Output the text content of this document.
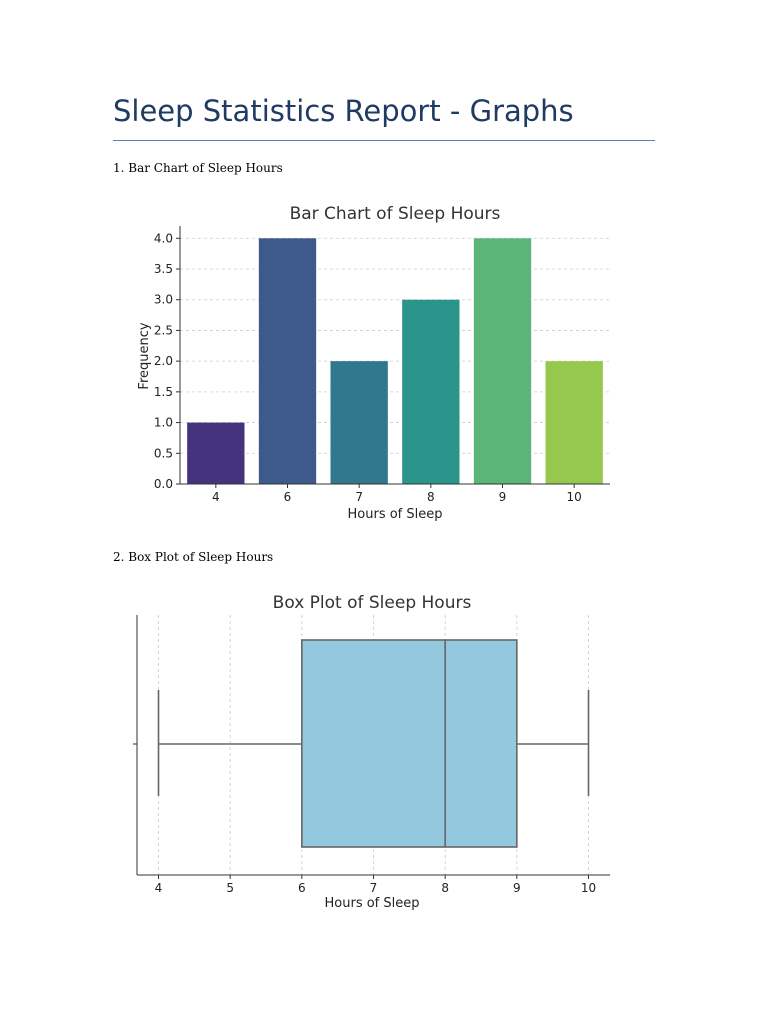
Sleep Statistics Report - Graphs
1. Bar Chart of Sleep Hours
Bar Chart of Sleep Hours
0.0
0.5
1.0
1.5
2.0
2.5
3.0
3.5
4.0
4	6	7	8	9	10
Hours of Sleep
Frequency
2. Box Plot of Sleep Hours
Box Plot of Sleep Hours
4	5	6	7	8	9	10
Hours of Sleep
